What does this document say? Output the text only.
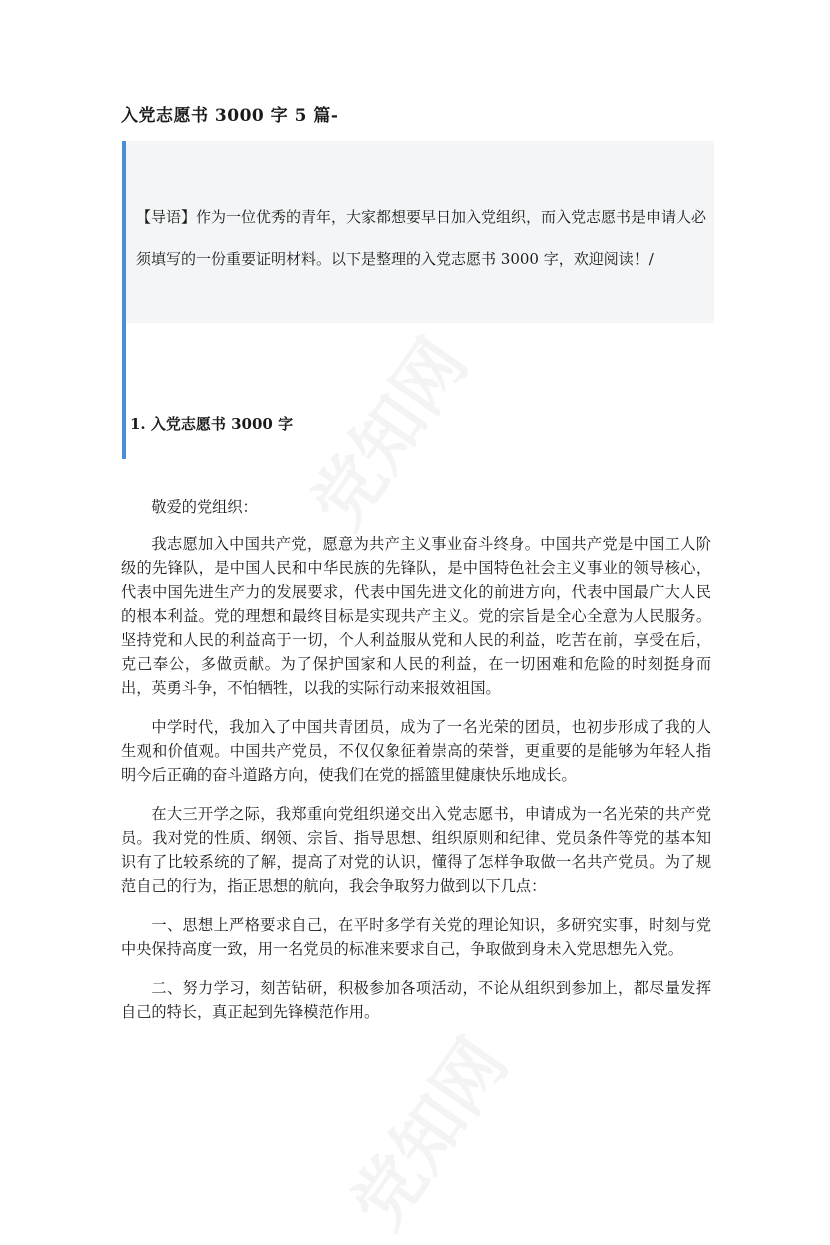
党知网
党知网
入党志愿书 3000 字 5 篇-

【导语】作为一位优秀的青年，大家都想要早日加入党组织，而入党志愿书是申请人必须填写的一份重要证明材料。以下是整理的入党志愿书 3000 字，欢迎阅读！/

1. 入党志愿书 3000 字

敬爱的党组织：

我志愿加入中国共产党，愿意为共产主义事业奋斗终身。中国共产党是中国工人阶级的先锋队，是中国人民和中华民族的先锋队，是中国特色社会主义事业的领导核心，代表中国先进生产力的发展要求，代表中国先进文化的前进方向，代表中国最广大人民的根本利益。党的理想和最终目标是实现共产主义。党的宗旨是全心全意为人民服务。坚持党和人民的利益高于一切，个人利益服从党和人民的利益，吃苦在前，享受在后，克己奉公，多做贡献。为了保护国家和人民的利益，在一切困难和危险的时刻挺身而出，英勇斗争，不怕牺牲，以我的实际行动来报效祖国。

中学时代，我加入了中国共青团员，成为了一名光荣的团员，也初步形成了我的人生观和价值观。中国共产党员，不仅仅象征着崇高的荣誉，更重要的是能够为年轻人指明今后正确的奋斗道路方向，使我们在党的摇篮里健康快乐地成长。

在大三开学之际，我郑重向党组织递交出入党志愿书，申请成为一名光荣的共产党员。我对党的性质、纲领、宗旨、指导思想、组织原则和纪律、党员条件等党的基本知识有了比较系统的了解，提高了对党的认识，懂得了怎样争取做一名共产党员。为了规范自己的行为，指正思想的航向，我会争取努力做到以下几点：

一、思想上严格要求自己，在平时多学有关党的理论知识，多研究实事，时刻与党中央保持高度一致，用一名党员的标准来要求自己，争取做到身未入党思想先入党。

二、努力学习，刻苦钻研，积极参加各项活动，不论从组织到参加上，都尽量发挥自己的特长，真正起到先锋模范作用。
